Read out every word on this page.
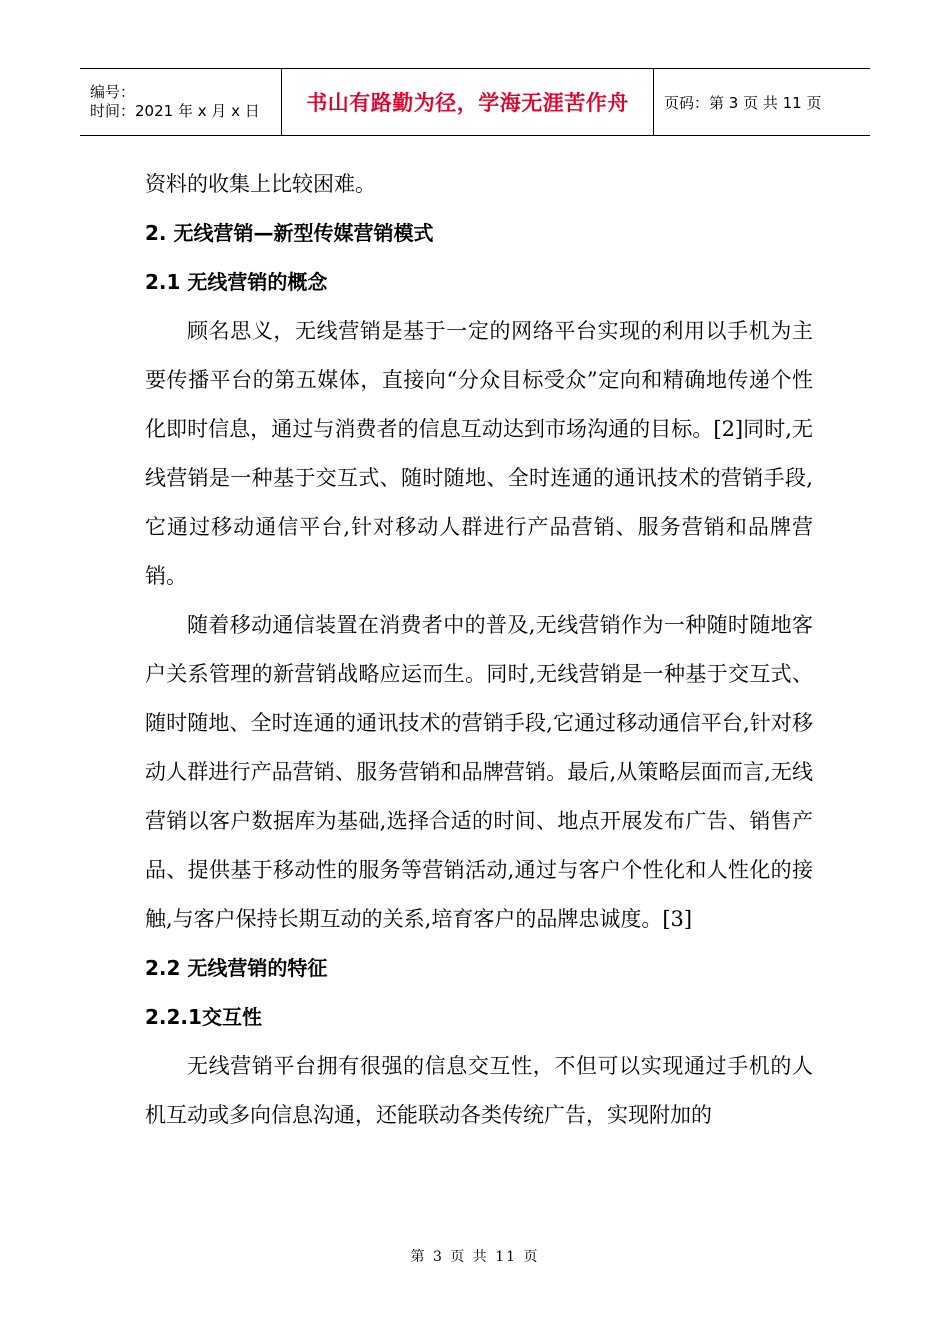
编号：
时间：2021 年 x 月 x 日	书山有路勤为径，学海无涯苦作舟 页码：第 3 页 共 11 页

资料的收集上比较困难。

2. 无线营销—新型传媒营销模式

2.1 无线营销的概念

顾名思义，无线营销是基于一定的网络平台实现的利用以手机为主要传播平台的第五媒体，直接向“分众目标受众”定向和精确地传递个性化即时信息，通过与消费者的信息互动达到市场沟通的目标。[2]同时,无线营销是一种基于交互式、随时随地、全时连通的通讯技术的营销手段,它通过移动通信平台,针对移动人群进行产品营销、服务营销和品牌营销。

随着移动通信装置在消费者中的普及,无线营销作为一种随时随地客户关系管理的新营销战略应运而生。同时,无线营销是一种基于交互式、随时随地、全时连通的通讯技术的营销手段,它通过移动通信平台,针对移动人群进行产品营销、服务营销和品牌营销。最后,从策略层面而言,无线营销以客户数据库为基础,选择合适的时间、地点开展发布广告、销售产品、提供基于移动性的服务等营销活动,通过与客户个性化和人性化的接触,与客户保持长期互动的关系,培育客户的品牌忠诚度。[3]

2.2 无线营销的特征

2.2.1交互性

无线营销平台拥有很强的信息交互性，不但可以实现通过手机的人机互动或多向信息沟通，还能联动各类传统广告，实现附加的

第 3 页 共 11 页
